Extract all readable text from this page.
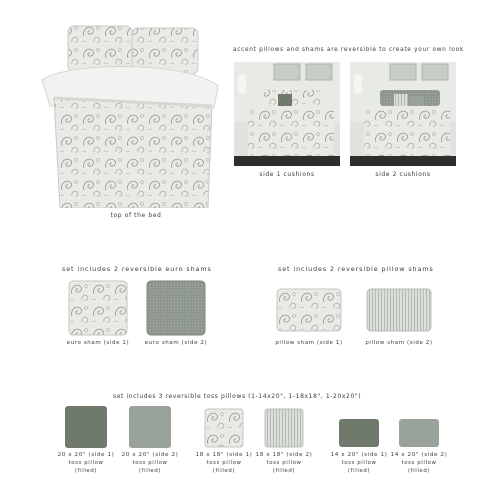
top of the bed
accent pillows and shams are reversible to create your own look
side 1 cushions	side 2 cushions
set includes 2 reversible euro shams
euro sham (side 1)	euro sham (side 2)
set includes 2 reversible pillow shams
pillow sham (side 1)	pillow sham (side 2)
set includes 3 reversible toss pillows (1-14x20", 1-18x18", 1-20x20")
20 x 20" (side 1)
toss pillow
(filled)
20 x 20" (side 2)
toss pillow
(filled)
18 x 18" (side 1)
toss pillow
(filled)
18 x 18" (side 2)
toss pillow
(filled)
14 x 20" (side 1)
toss pillow
(filled)
14 x 20" (side 2)
toss pillow
(filled)
